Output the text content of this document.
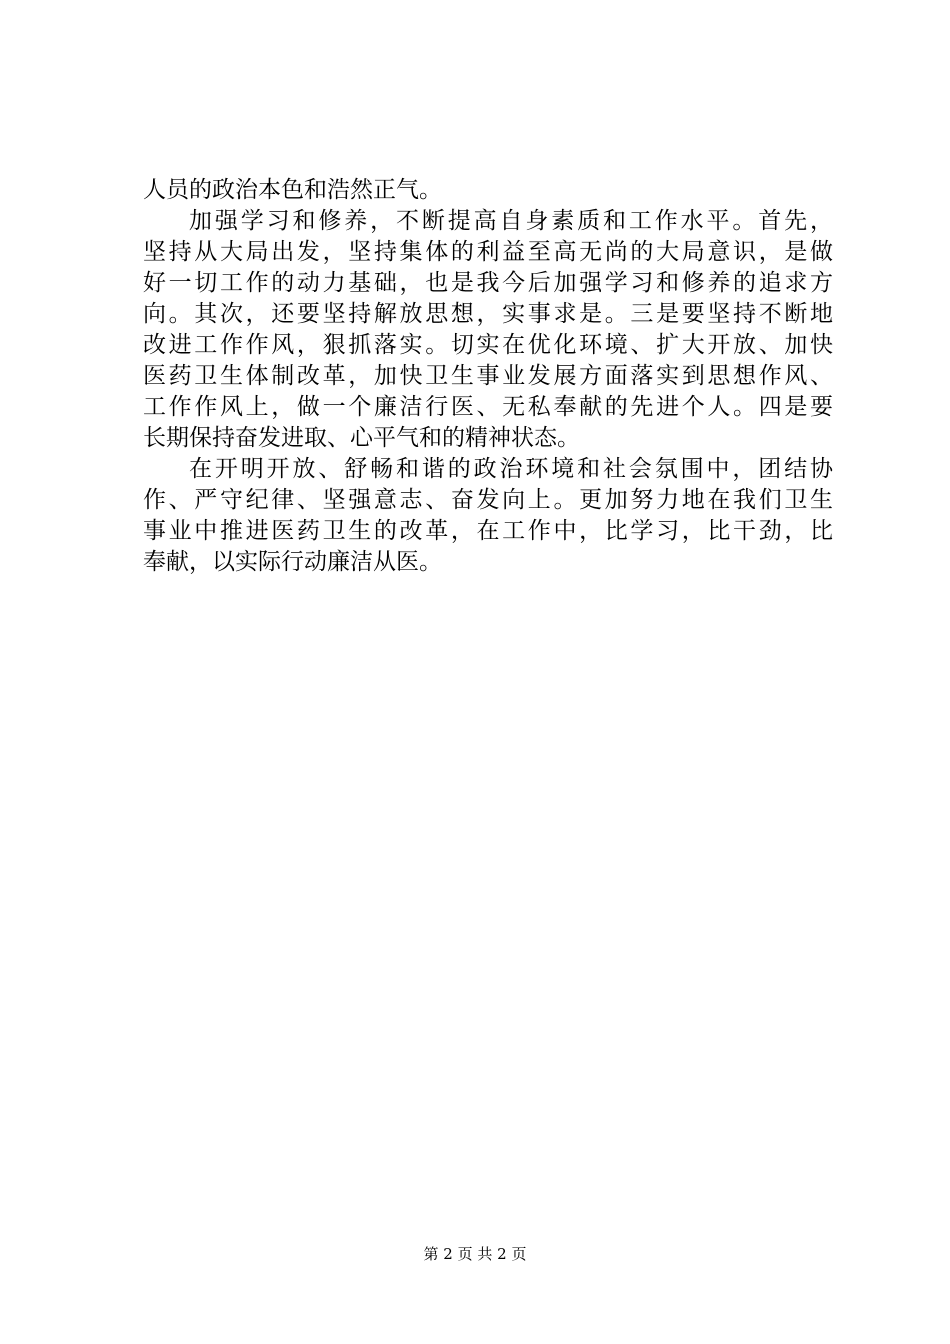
人员的政治本色和浩然正气。
加强学习和修养，不断提高自身素质和工作水平。首先，
坚持从大局出发，坚持集体的利益至高无尚的大局意识，是做
好一切工作的动力基础，也是我今后加强学习和修养的追求方
向。其次，还要坚持解放思想，实事求是。三是要坚持不断地
改进工作作风，狠抓落实。切实在优化环境、扩大开放、加快
医药卫生体制改革，加快卫生事业发展方面落实到思想作风、
工作作风上，做一个廉洁行医、无私奉献的先进个人。四是要
长期保持奋发进取、心平气和的精神状态。
在开明开放、舒畅和谐的政治环境和社会氛围中，团结协
作、严守纪律、坚强意志、奋发向上。更加努力地在我们卫生
事业中推进医药卫生的改革，在工作中，比学习，比干劲，比
奉献，以实际行动廉洁从医。
第 2 页 共 2 页
